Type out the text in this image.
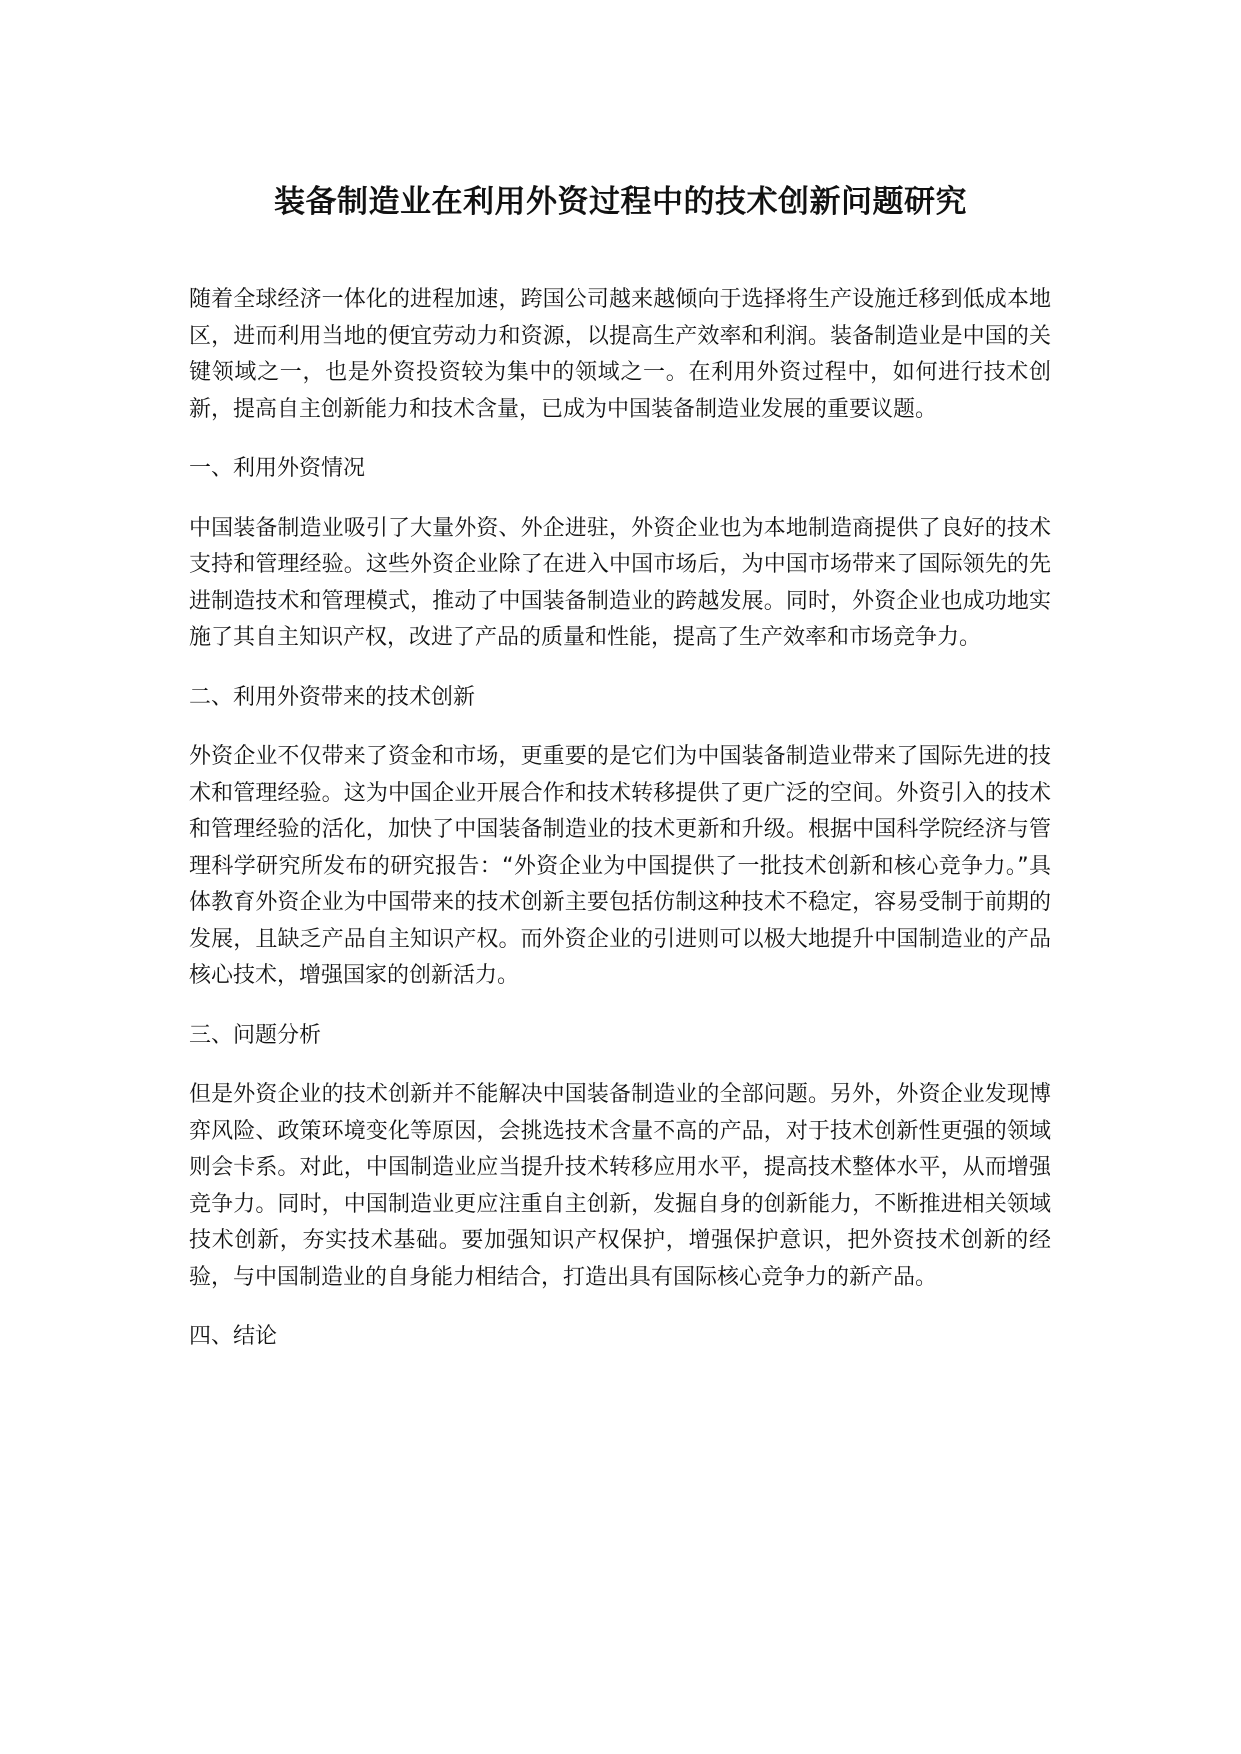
装备制造业在利用外资过程中的技术创新问题研究

随着全球经济一体化的进程加速，跨国公司越来越倾向于选择将生产设施迁移到低成本地区，进而利用当地的便宜劳动力和资源，以提高生产效率和利润。装备制造业是中国的关键领域之一，也是外资投资较为集中的领域之一。在利用外资过程中，如何进行技术创新，提高自主创新能力和技术含量，已成为中国装备制造业发展的重要议题。

一、利用外资情况

中国装备制造业吸引了大量外资、外企进驻，外资企业也为本地制造商提供了良好的技术支持和管理经验。这些外资企业除了在进入中国市场后，为中国市场带来了国际领先的先进制造技术和管理模式，推动了中国装备制造业的跨越发展。同时，外资企业也成功地实施了其自主知识产权，改进了产品的质量和性能，提高了生产效率和市场竞争力。

二、利用外资带来的技术创新

外资企业不仅带来了资金和市场，更重要的是它们为中国装备制造业带来了国际先进的技术和管理经验。这为中国企业开展合作和技术转移提供了更广泛的空间。外资引入的技术和管理经验的活化，加快了中国装备制造业的技术更新和升级。根据中国科学院经济与管理科学研究所发布的研究报告：“外资企业为中国提供了一批技术创新和核心竞争力。”具体教育外资企业为中国带来的技术创新主要包括仿制这种技术不稳定，容易受制于前期的发展，且缺乏产品自主知识产权。而外资企业的引进则可以极大地提升中国制造业的产品核心技术，增强国家的创新活力。

三、问题分析

但是外资企业的技术创新并不能解决中国装备制造业的全部问题。另外，外资企业发现博弈风险、政策环境变化等原因，会挑选技术含量不高的产品，对于技术创新性更强的领域则会卡系。对此，中国制造业应当提升技术转移应用水平，提高技术整体水平，从而增强竞争力。同时，中国制造业更应注重自主创新，发掘自身的创新能力，不断推进相关领域技术创新，夯实技术基础。要加强知识产权保护，增强保护意识，把外资技术创新的经验，与中国制造业的自身能力相结合，打造出具有国际核心竞争力的新产品。

四、结论
